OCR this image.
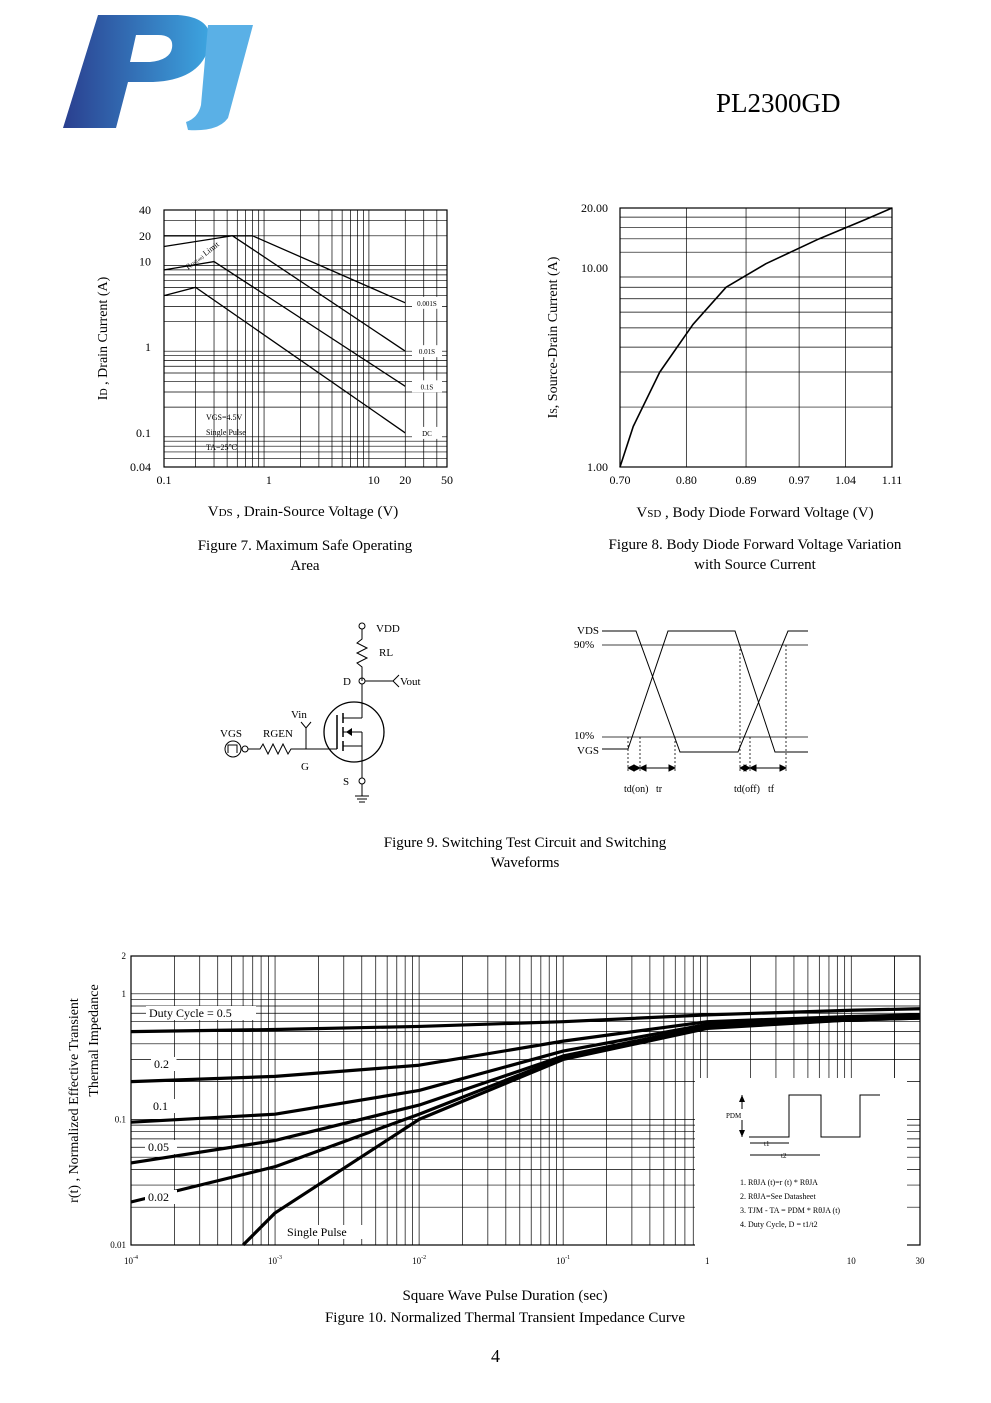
PL2300GD
0.1	1	10 20 50
40
20
10
1
0.1
0.04
0.001S
0.01S
0.1S
DC
RDS(on) Limit
VGS=4.5V
Single Pulse
TA=25℃
ID , Drain Current (A)
VDS , Drain-Source Voltage (V)
Figure 7. Maximum Safe Operating
Area
0.70	0.80	0.89	0.97 1.04 1.11
20.00
10.00
1.00
IS, Source-Drain Current (A)
VSD , Body Diode Forward Voltage (V)
Figure 8. Body Diode Forward Voltage Variation
with Source Current
VDD
RL
D	Vout
Vin
G
VGS RGEN
S
VDS
90%
10%
VGS
td(on) tr	td(off) tf
Figure 9. Switching Test Circuit and Switching
Waveforms
$10^{-4}$	$10^{-3}$	$10^{-2}$	$10^{-1}$	1	10	30
2
1
0.1
0.01
Duty Cycle = 0.5
0.2
0.1
0.05
0.02
Single Pulse
PDM
t1
t2
1. RθJA (t)=r (t) * RθJA
2. RθJA=See Datasheet
3. TJM - TA = PDM * RθJA (t)
4. Duty Cycle, D = t1/t2
r(t) , Normalized Effective Transient Thermal Impedance
Square Wave Pulse Duration (sec)
Figure 10. Normalized Thermal Transient Impedance Curve
4
